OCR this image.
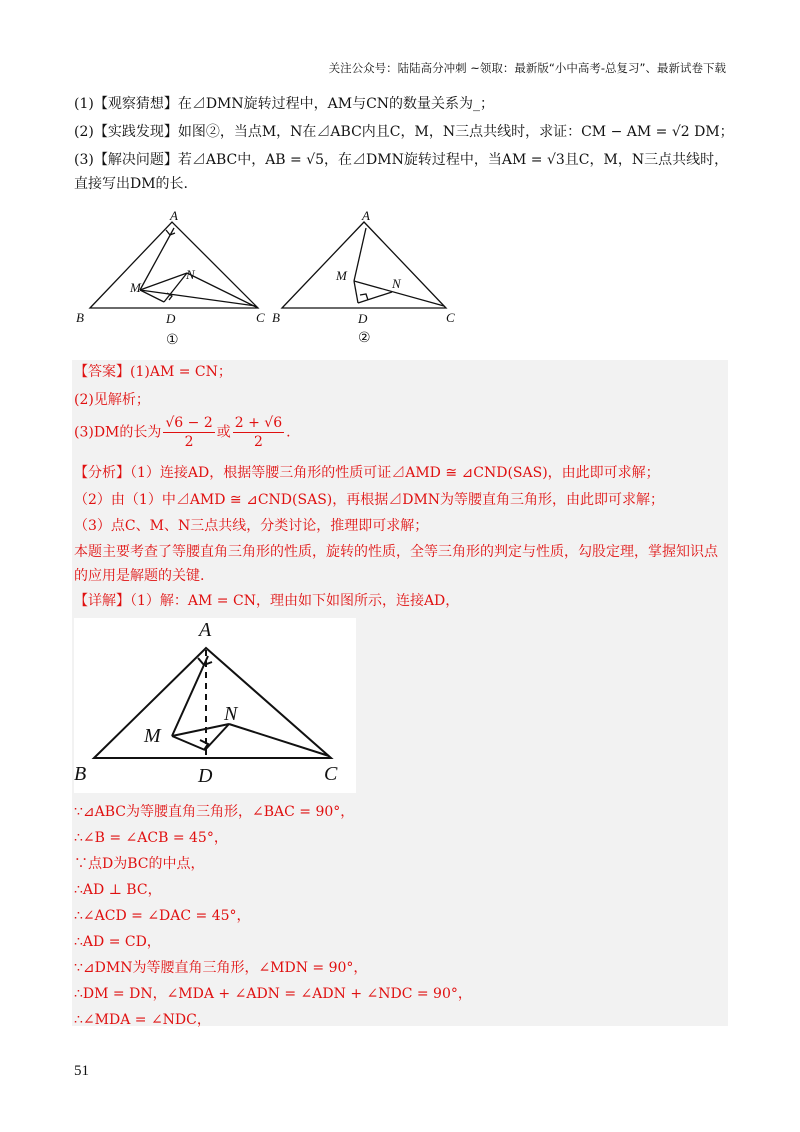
关注公众号：陆陆高分冲刺 ~领取：最新版“小中高考-总复习”、最新试卷下载

(1)【观察猜想】在⊿DMN旋转过程中，AM与CN的数量关系为_；

(2)【实践发现】如图②，当点M，N在⊿ABC内且C，M，N三点共线时，求证：CM − AM = √2 DM；

(3)【解决问题】若⊿ABC中，AB = √5，在⊿DMN旋转过程中，当AM = √3且C，M，N三点共线时，

直接写出DM的长.

A
B	C
D
M
N
A
B	C
D
M
N
①	②
【答案】(1)AM = CN；
(2)见解析；
(3)DM的长为 $\frac{√6 - 2}{2}$ 或 $\frac{2 + √6}{2}$ .
【分析】（1）连接AD，根据等腰三角形的性质可证⊿AMD ≅ ⊿CND(SAS)，由此即可求解；
（2）由（1）中⊿AMD ≅ ⊿CND(SAS)，再根据⊿DMN为等腰直角三角形，由此即可求解；
（3）点C、M、N三点共线，分类讨论，推理即可求解；
本题主要考查了等腰直角三角形的性质，旋转的性质，全等三角形的判定与性质，勾股定理，掌握知识点
的应用是解题的关键.
【详解】（1）解：AM = CN，理由如下如图所示，连接AD，
A
B	C
D
M
N
∵⊿ABC为等腰直角三角形，∠BAC = 90°，
∴∠B = ∠ACB = 45°，
∵点D为BC的中点，
∴AD ⊥ BC，
∴∠ACD = ∠DAC = 45°，
∴AD = CD，
∵⊿DMN为等腰直角三角形，∠MDN = 90°，
∴DM = DN，∠MDA + ∠ADN = ∠ADN + ∠NDC = 90°，
∴∠MDA = ∠NDC，
51
